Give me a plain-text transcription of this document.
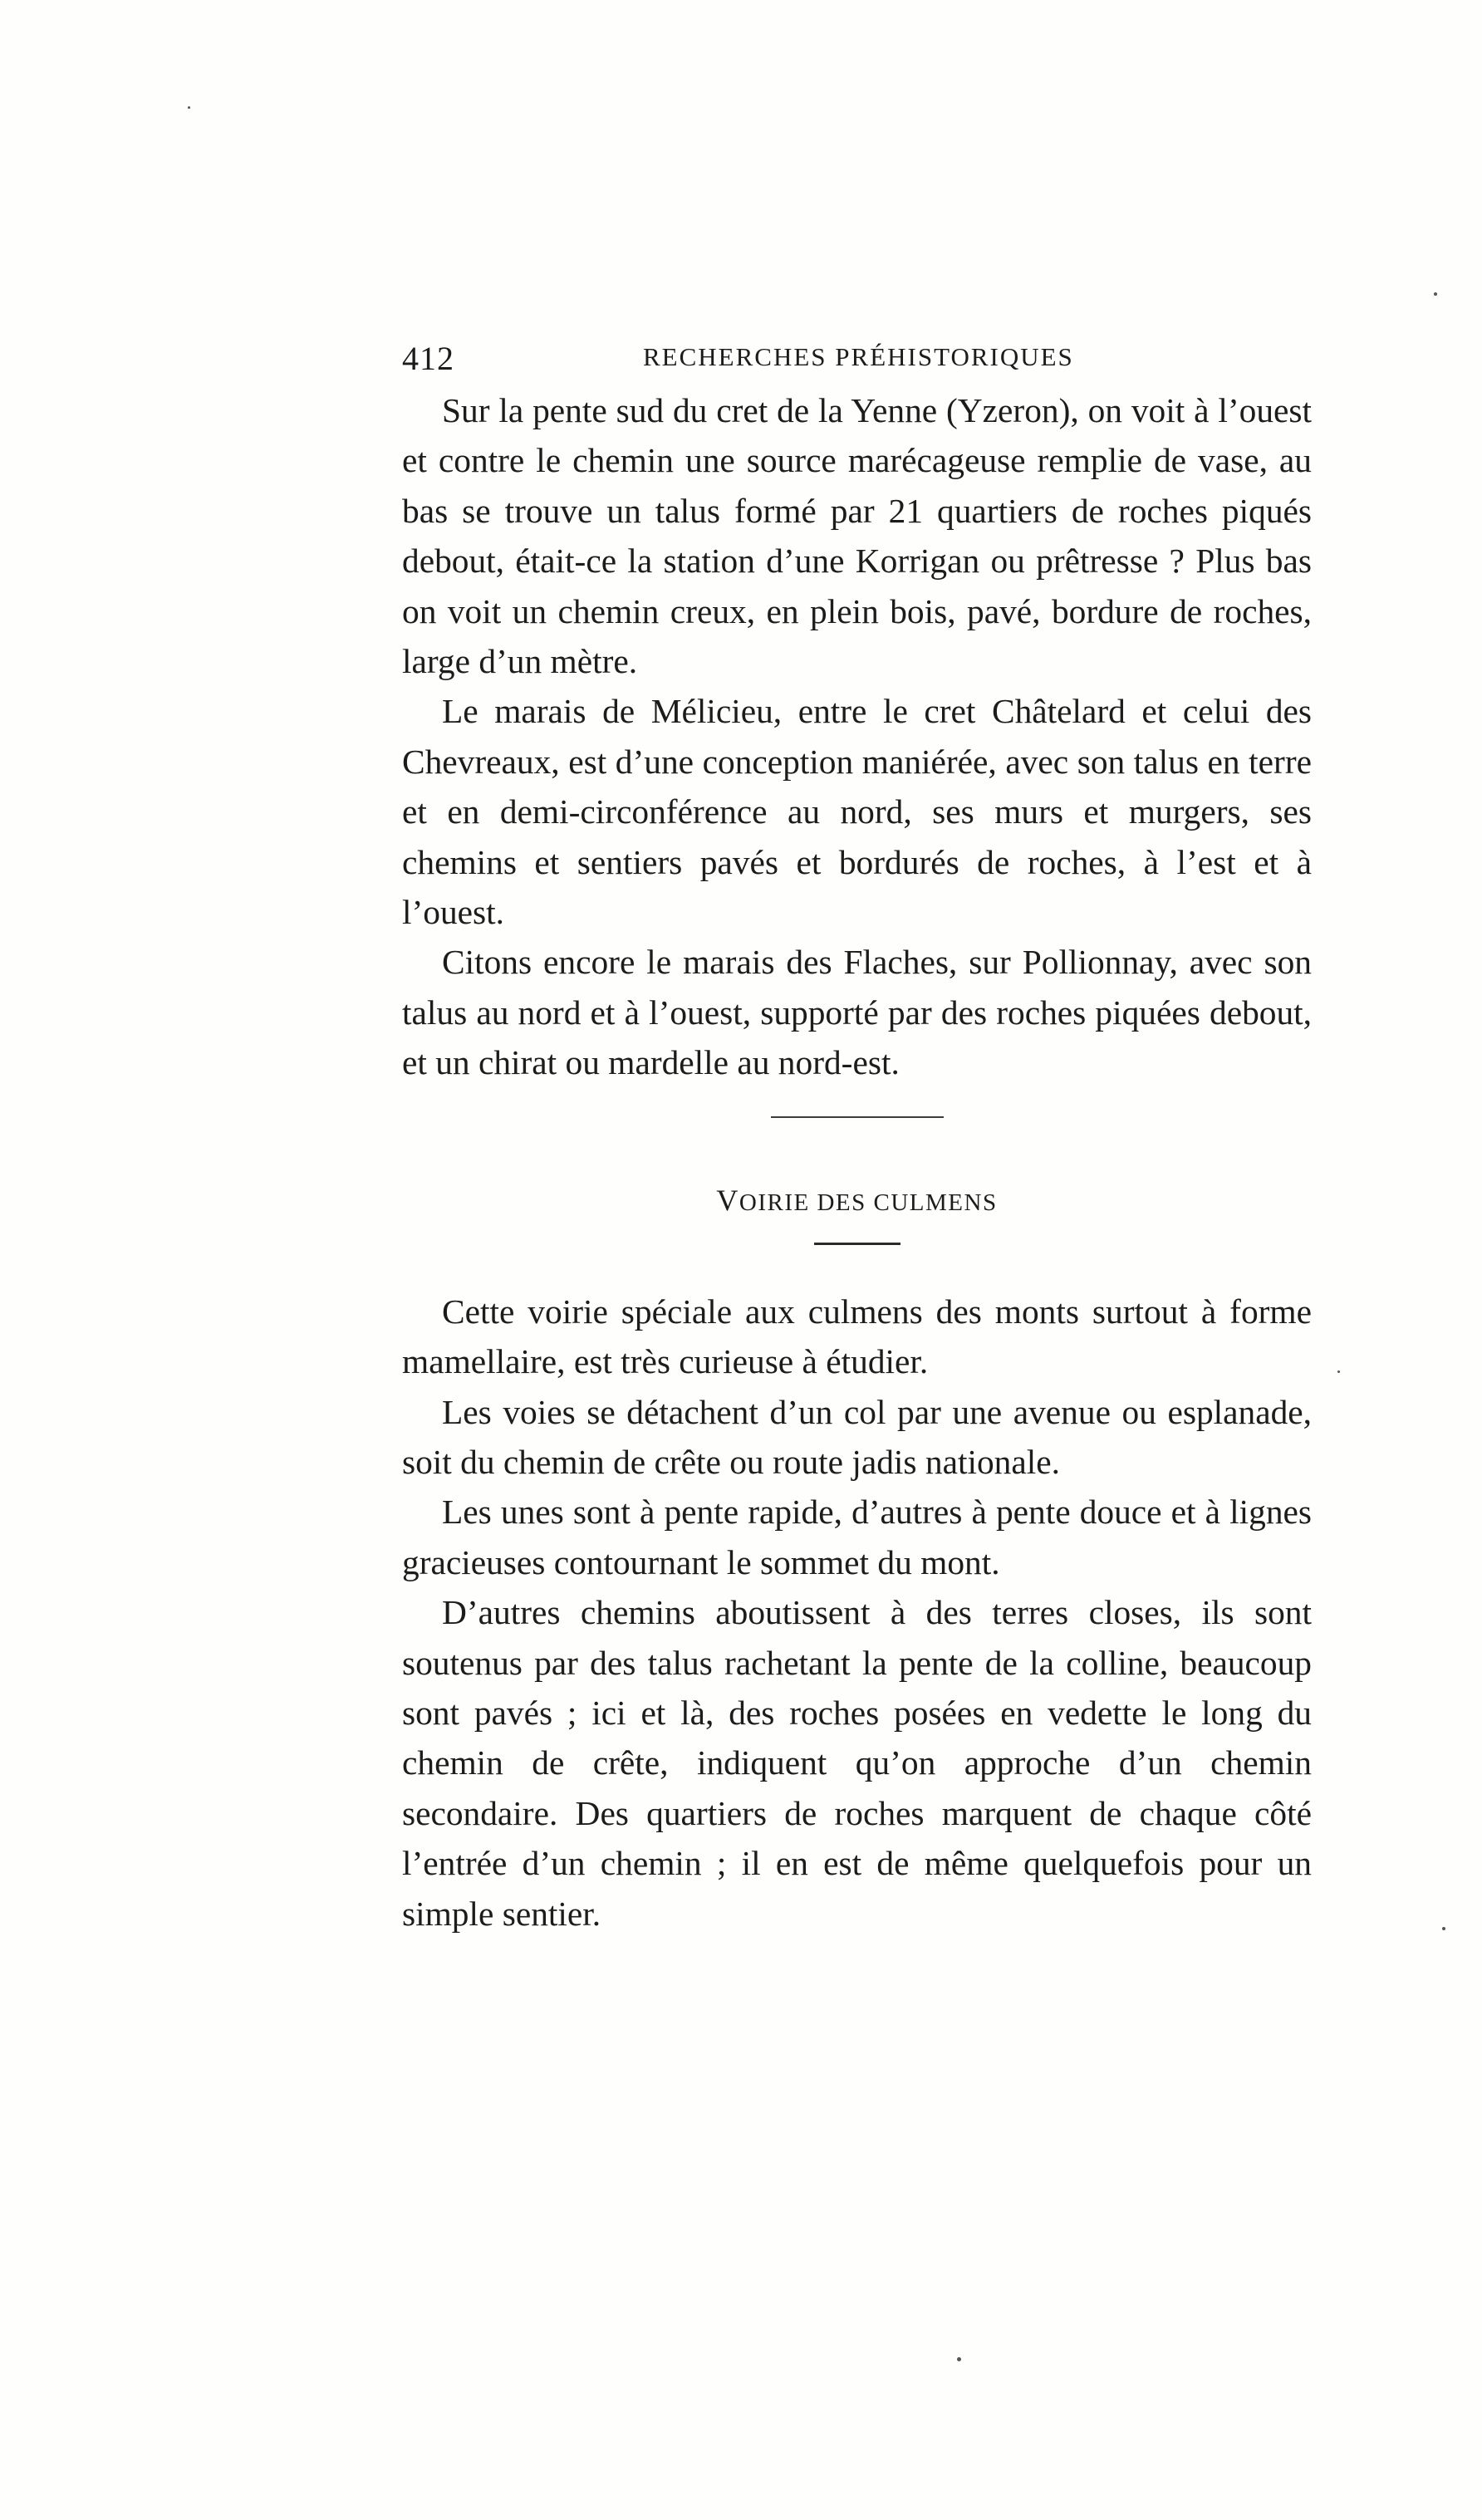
412	RECHERCHES PRÉHISTORIQUES

Sur la pente sud du cret de la Yenne (Yzeron), on voit à l’ouest et contre le chemin une source marécageuse remplie de vase, au bas se trouve un talus formé par 21 quartiers de roches piqués debout, était-ce la station d’une Korrigan ou prêtresse ? Plus bas on voit un chemin creux, en plein bois, pavé, bordure de roches, large d’un mètre.

Le marais de Mélicieu, entre le cret Châtelard et celui des Chevreaux, est d’une conception maniérée, avec son talus en terre et en demi-circonférence au nord, ses murs et murgers, ses chemins et sentiers pavés et bordurés de roches, à l’est et à l’ouest.

Citons encore le marais des Flaches, sur Pollionnay, avec son talus au nord et à l’ouest, supporté par des roches piquées debout, et un chirat ou mardelle au nord-est.

VOIRIE DES CULMENS

Cette voirie spéciale aux culmens des monts surtout à forme mamellaire, est très curieuse à étudier.

Les voies se détachent d’un col par une avenue ou esplanade, soit du chemin de crête ou route jadis nationale.

Les unes sont à pente rapide, d’autres à pente douce et à lignes gracieuses contournant le sommet du mont.

D’autres chemins aboutissent à des terres closes, ils sont soutenus par des talus rachetant la pente de la colline, beaucoup sont pavés ; ici et là, des roches posées en vedette le long du chemin de crête, indiquent qu’on approche d’un chemin secondaire. Des quartiers de roches marquent de chaque côté l’entrée d’un chemin ; il en est de même quelquefois pour un simple sentier.
